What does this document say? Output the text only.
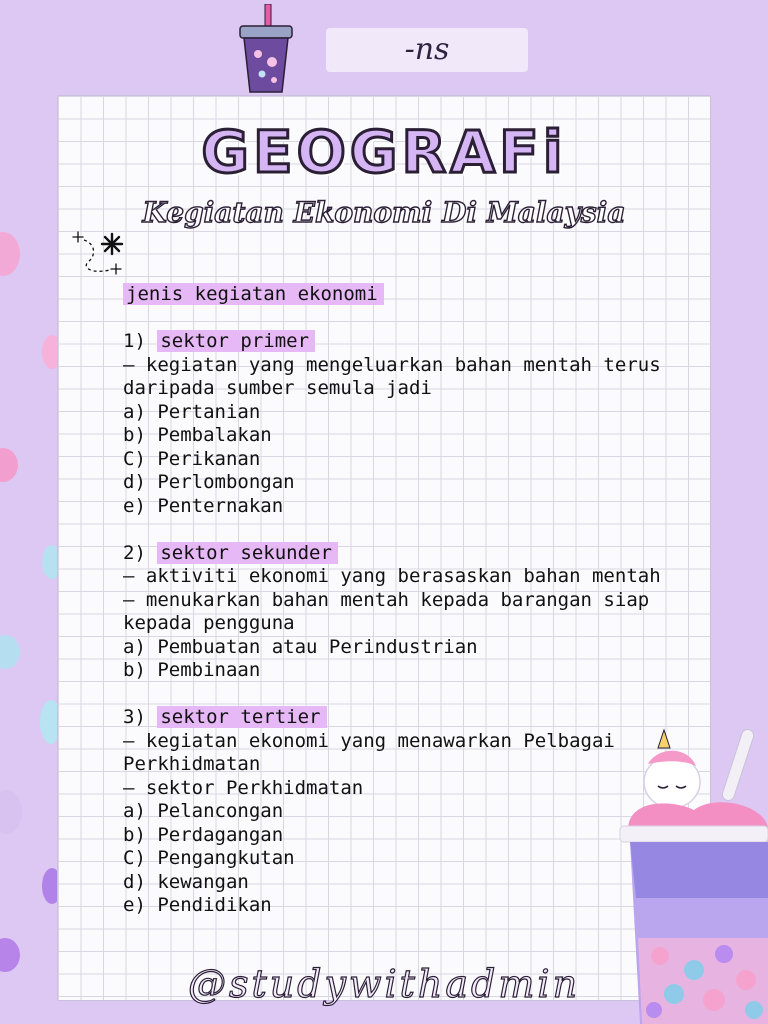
-ns
GEOGRAFi
Kegiatan Ekonomi Di Malaysia
jenis kegiatan ekonomi
1) sektor primer
– kegiatan yang mengeluarkan bahan mentah terus
daripada sumber semula jadi
a) Pertanian
b) Pembalakan
C) Perikanan
d) Perlombongan
e) Penternakan
2) sektor sekunder
– aktiviti ekonomi yang berasaskan bahan mentah
– menukarkan bahan mentah kepada barangan siap
kepada pengguna
a) Pembuatan atau Perindustrian
b) Pembinaan
3) sektor tertier
– kegiatan ekonomi yang menawarkan Pelbagai
Perkhidmatan
– sektor Perkhidmatan
a) Pelancongan
b) Perdagangan
C) Pengangkutan
d) kewangan
e) Pendidikan
@studywithadmin
